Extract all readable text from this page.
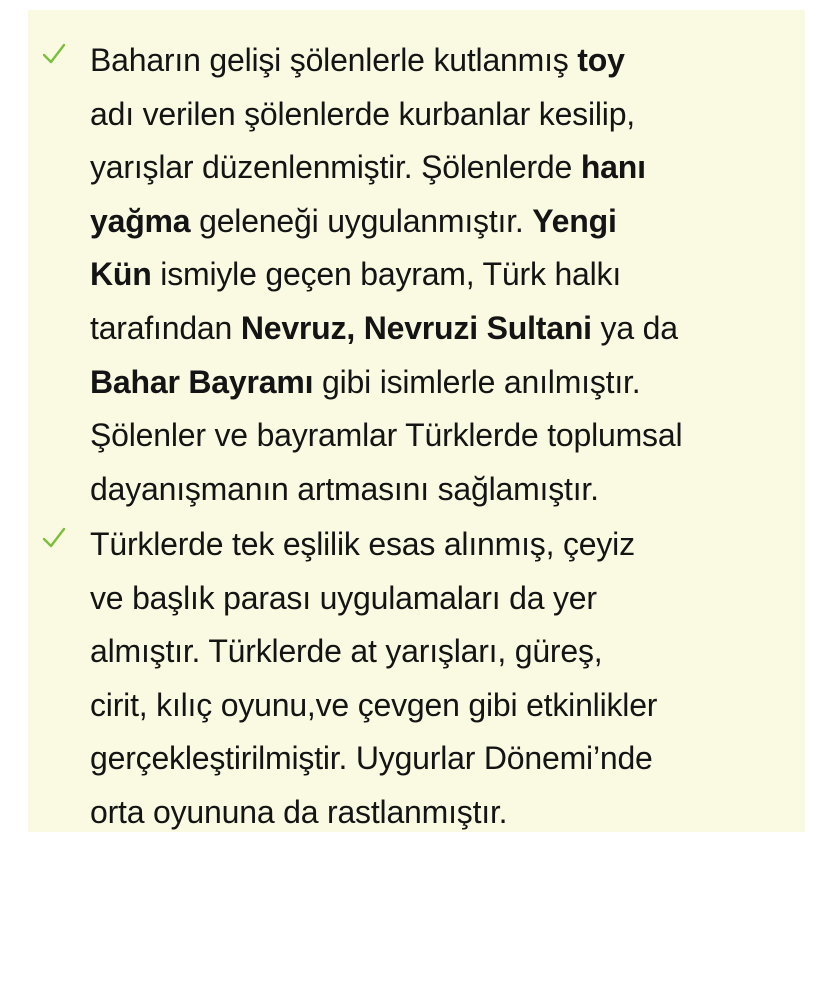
Baharın gelişi şölenlerle kutlanmış toy
adı verilen şölenlerde kurbanlar kesilip,
yarışlar düzenlenmiştir. Şölenlerde hanı
yağma geleneği uygulanmıştır. Yengi
Kün ismiyle geçen bayram, Türk halkı
tarafından Nevruz, Nevruzi Sultani ya da
Bahar Bayramı gibi isimlerle anılmıştır.
Şölenler ve bayramlar Türklerde toplumsal
dayanışmanın artmasını sağlamıştır.

Türklerde tek eşlilik esas alınmış, çeyiz
ve başlık parası uygulamaları da yer
almıştır. Türklerde at yarışları, güreş,
cirit, kılıç oyunu,ve çevgen gibi etkinlikler
gerçekleştirilmiştir. Uygurlar Dönemi’nde
orta oyununa da rastlanmıştır.
